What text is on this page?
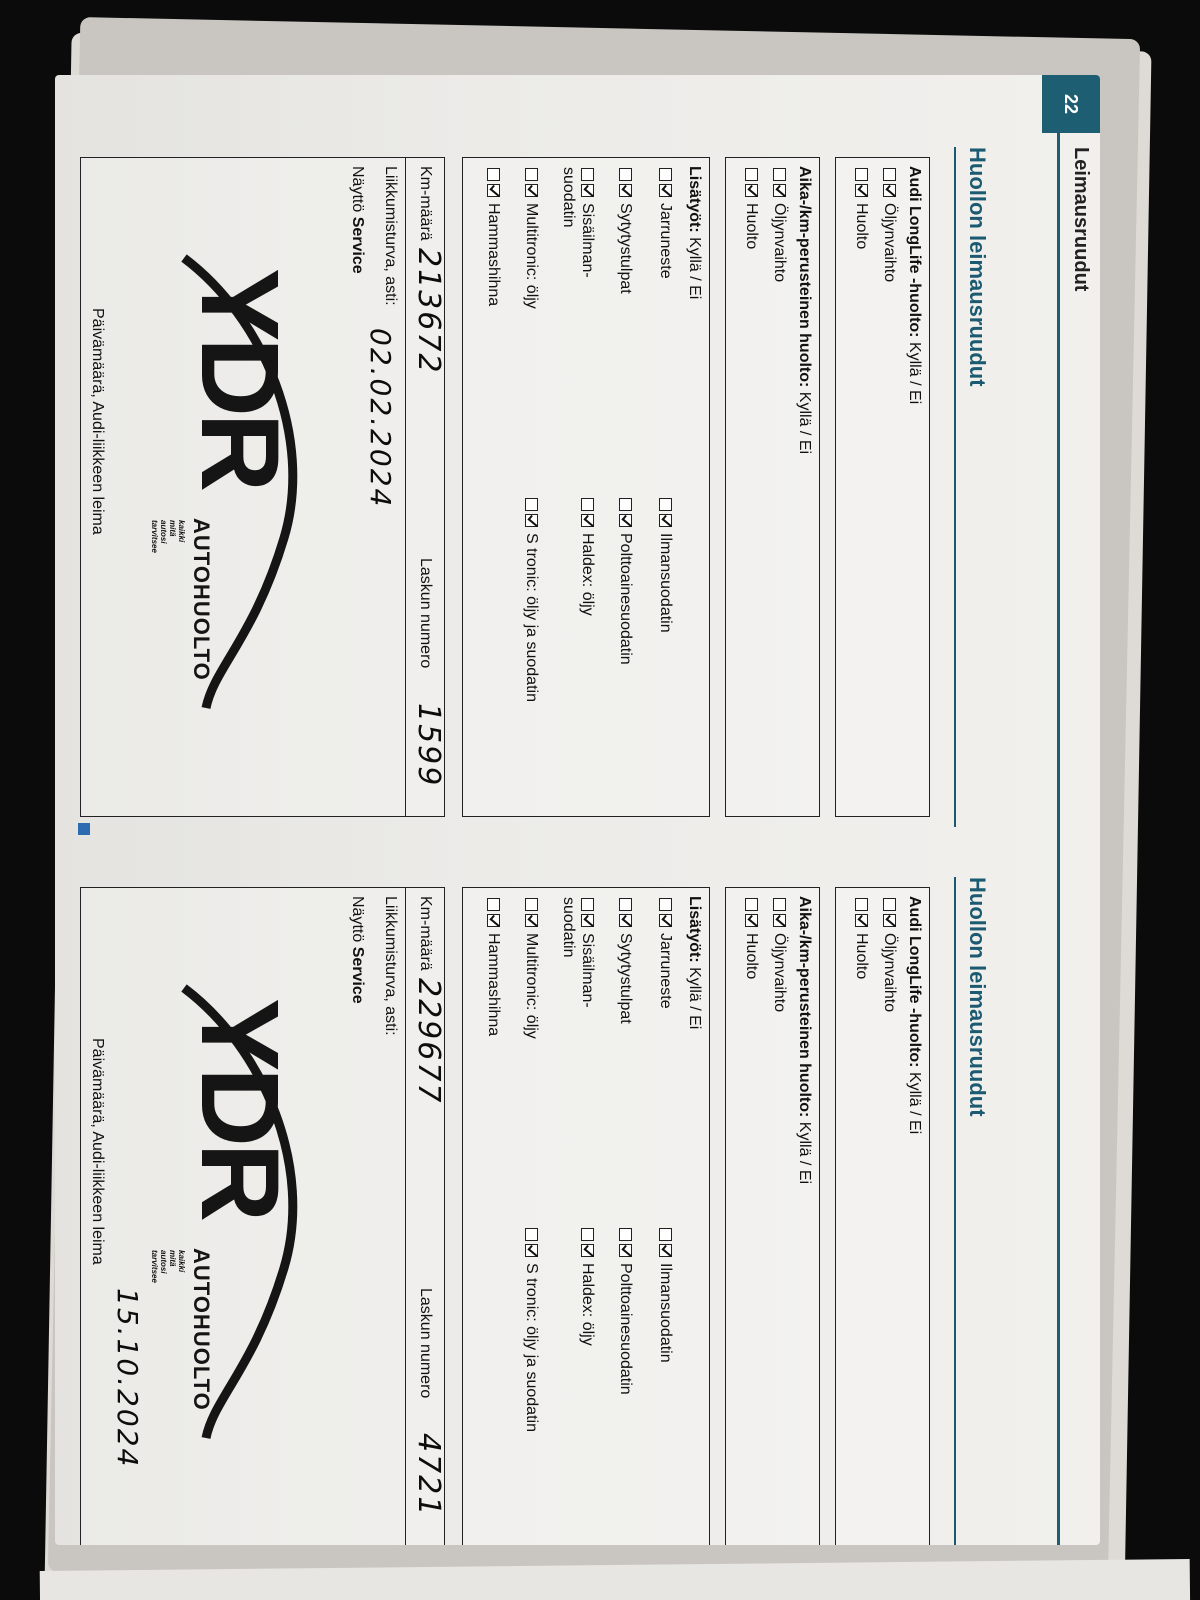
22
Leimausruudut
Huollon leimausruudut
Audi LongLife -huolto: Kyllä / Ei
Öljynvaihto
Huolto
Aika-/km-perusteinen huolto: Kyllä / Ei
Öljynvaihto
Huolto
Lisätyöt: Kyllä / Ei
Jarruneste
Sytytystulpat
Sisäilman-
suodatin
Multitronic: öljy
Hammashihna
Ilmansuodatin
Polttoainesuodatin
Haldex: öljy
S tronic: öljy ja suodatin
Km-määrä
213672
Laskun numero
1599
Liikkumisturva, asti:
02.02.2024
Näyttö Service
YDR
AUTOHUOLTO
kaikki mitä autosi tarvitsee
Päivämäärä, Audi-liikkeen leima
Huollon leimausruudut
Audi LongLife -huolto: Kyllä / Ei
Öljynvaihto
Huolto
Aika-/km-perusteinen huolto: Kyllä / Ei
Öljynvaihto
Huolto
Lisätyöt: Kyllä / Ei
Jarruneste
Sytytystulpat
Sisäilman-
suodatin
Multitronic: öljy
Hammashihna
Ilmansuodatin
Polttoainesuodatin
Haldex: öljy
S tronic: öljy ja suodatin
Km-määrä
229677
Laskun numero
4721
Liikkumisturva, asti:
Näyttö Service
YDR
AUTOHUOLTO
kaikki mitä autosi tarvitsee
15.10.2024
Päivämäärä, Audi-liikkeen leima
